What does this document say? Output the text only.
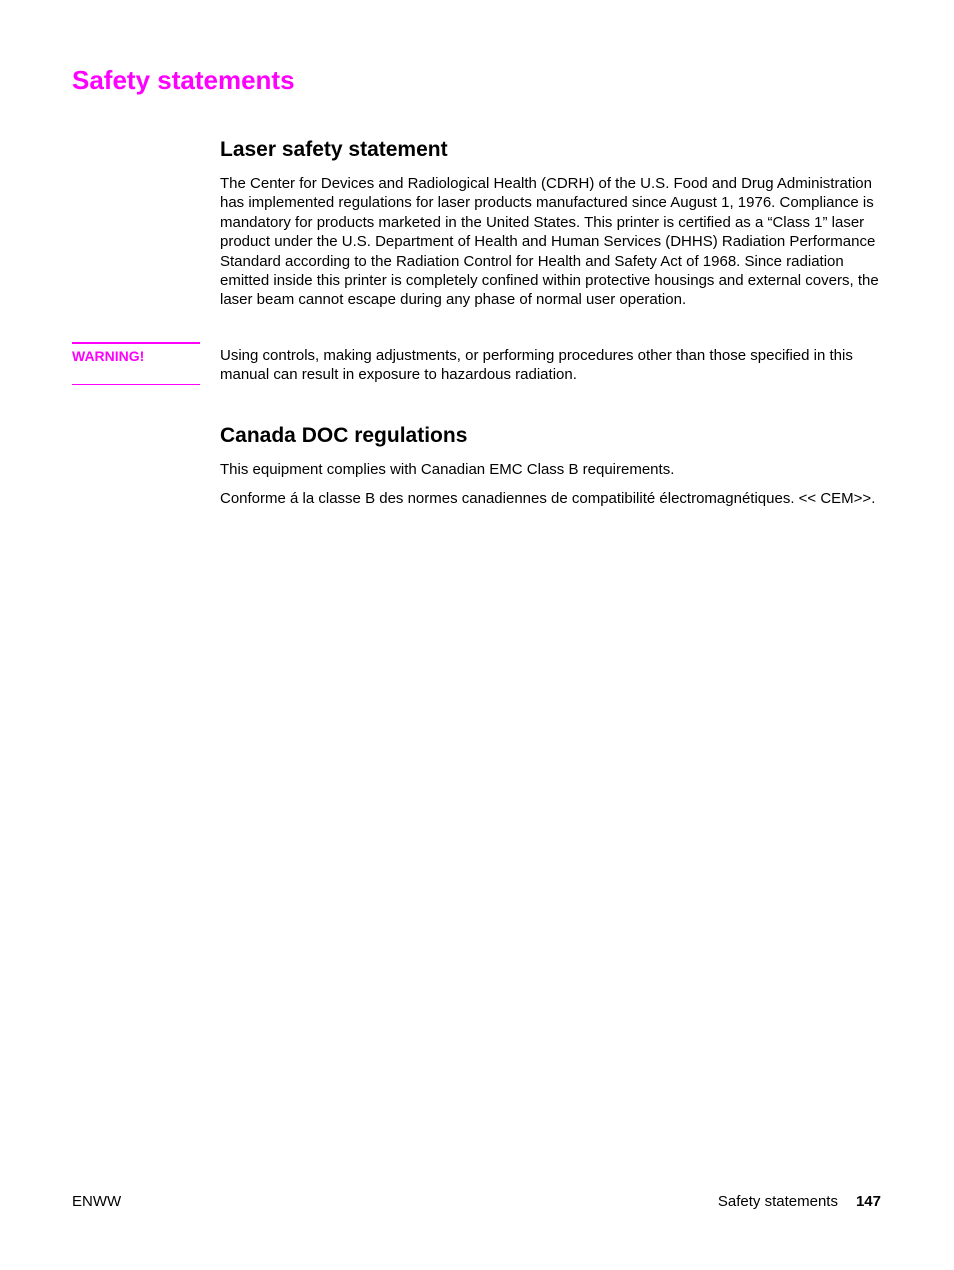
Safety statements
Laser safety statement

The Center for Devices and Radiological Health (CDRH) of the U.S. Food and Drug Administration has implemented regulations for laser products manufactured since August 1, 1976. Compliance is mandatory for products marketed in the United States. This printer is certified as a “Class 1” laser product under the U.S. Department of Health and Human Services (DHHS) Radiation Performance Standard according to the Radiation Control for Health and Safety Act of 1968. Since radiation emitted inside this printer is completely confined within protective housings and external covers, the laser beam cannot escape during any phase of normal user operation.

WARNING!	Using controls, making adjustments, or performing procedures other than those specified in this manual can result in exposure to hazardous radiation.

Canada DOC regulations

This equipment complies with Canadian EMC Class B requirements.

Conforme á la classe B des normes canadiennes de compatibilité électromagnétiques. << CEM>>.

ENWW	Safety statements 147
